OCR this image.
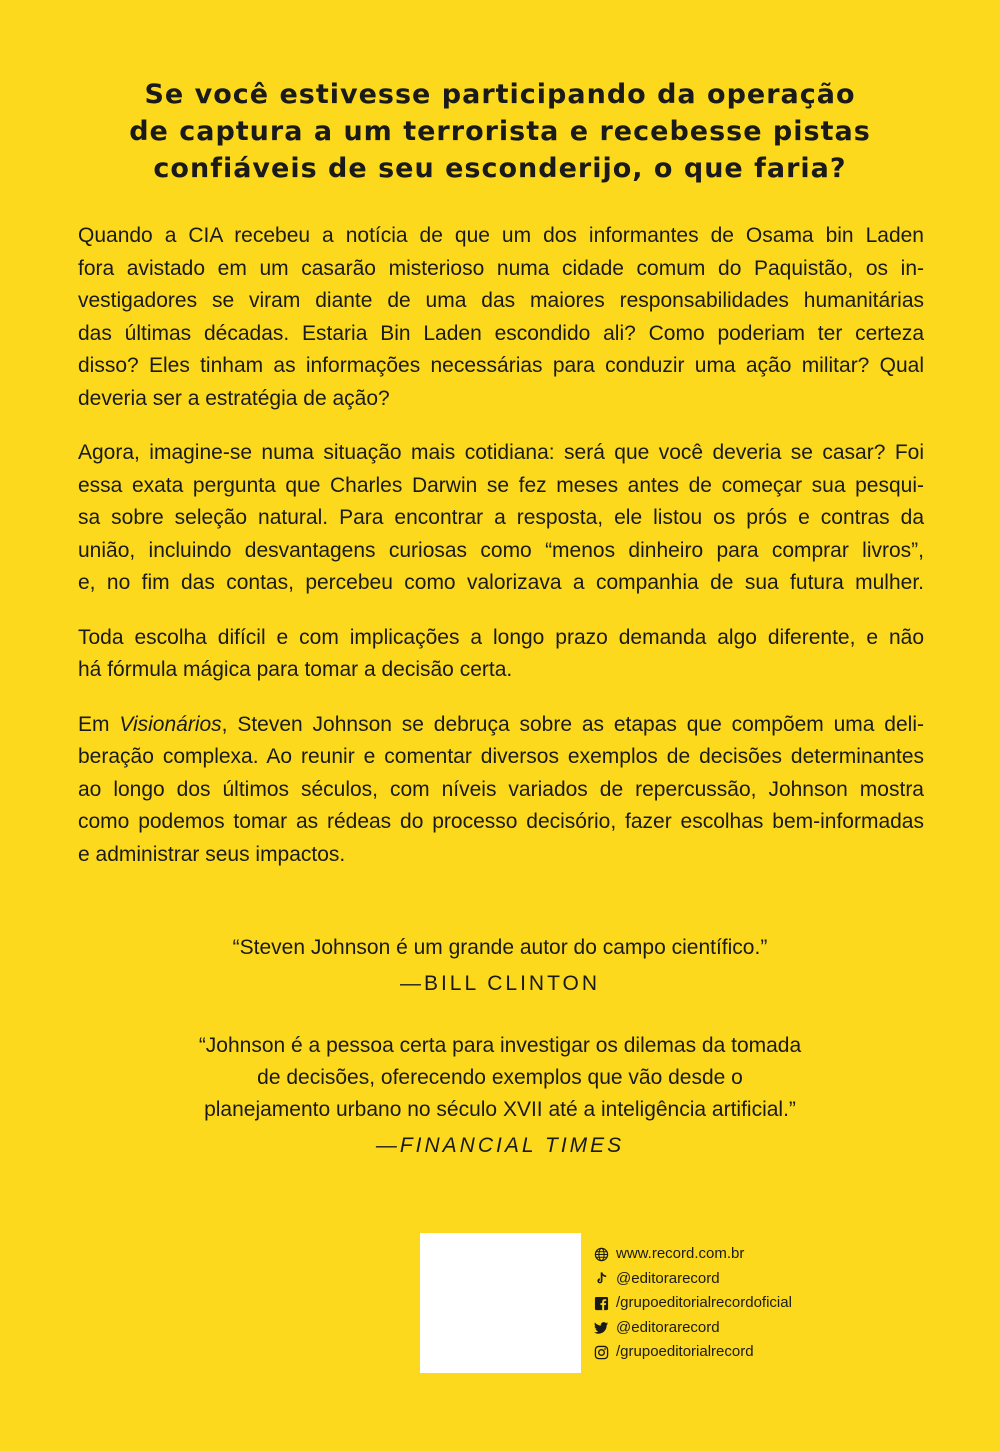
Se você estivesse participando da operação
de captura a um terrorista e recebesse pistas
confiáveis de seu esconderijo, o que faria?

Quando a CIA recebeu a notícia de que um dos informantes de Osama bin Laden
fora avistado em um casarão misterioso numa cidade comum do Paquistão, os in-
vestigadores se viram diante de uma das maiores responsabilidades humanitárias
das últimas décadas. Estaria Bin Laden escondido ali? Como poderiam ter certeza
disso? Eles tinham as informações necessárias para conduzir uma ação militar? Qual
deveria ser a estratégia de ação?

Agora, imagine-se numa situação mais cotidiana: será que você deveria se casar? Foi
essa exata pergunta que Charles Darwin se fez meses antes de começar sua pesqui-
sa sobre seleção natural. Para encontrar a resposta, ele listou os prós e contras da
união, incluindo desvantagens curiosas como “menos dinheiro para comprar livros”,
e, no fim das contas, percebeu como valorizava a companhia de sua futura mulher.

Toda escolha difícil e com implicações a longo prazo demanda algo diferente, e não
há fórmula mágica para tomar a decisão certa.

Em Visionários, Steven Johnson se debruça sobre as etapas que compõem uma deli-
beração complexa. Ao reunir e comentar diversos exemplos de decisões determinantes
ao longo dos últimos séculos, com níveis variados de repercussão, Johnson mostra
como podemos tomar as rédeas do processo decisório, fazer escolhas bem-informadas
e administrar seus impactos.

“Steven Johnson é um grande autor do campo científico.”
—BILL CLINTON
“Johnson é a pessoa certa para investigar os dilemas da tomada
de decisões, oferecendo exemplos que vão desde o
planejamento urbano no século XVII até a inteligência artificial.”
—FINANCIAL TIMES
www.record.com.br
@editorarecord
/grupoeditorialrecordoficial
@editorarecord
/grupoeditorialrecord
